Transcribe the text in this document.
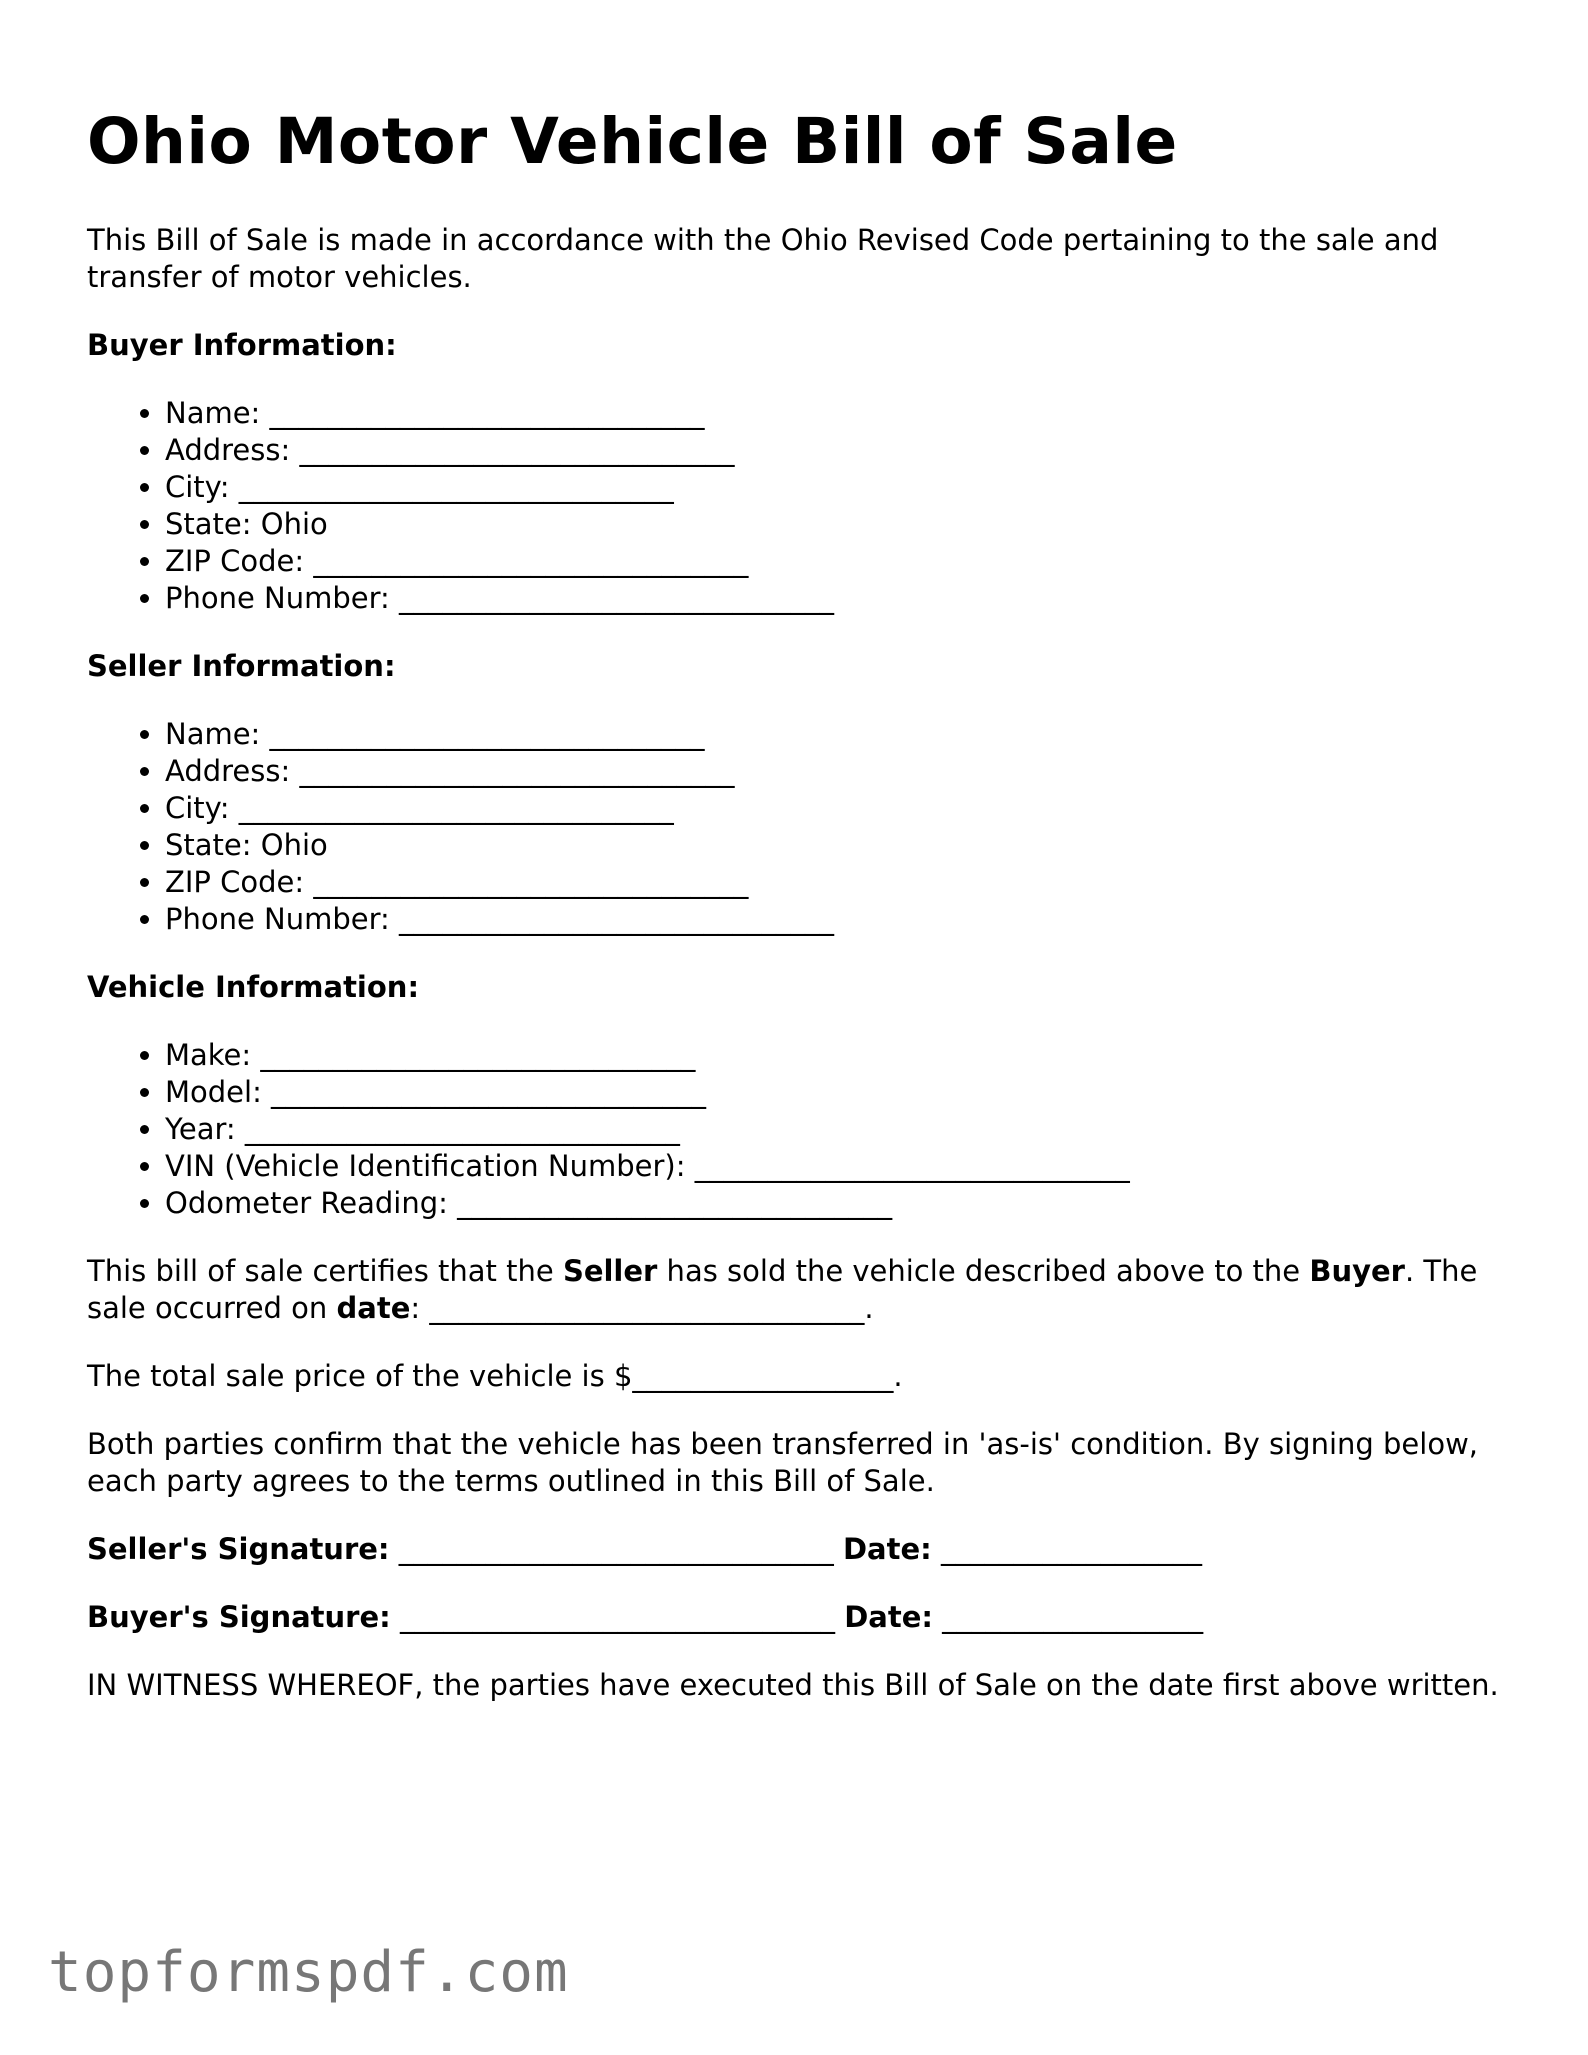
Ohio Motor Vehicle Bill of Sale

This Bill of Sale is made in accordance with the Ohio Revised Code pertaining to the sale and transfer of motor vehicles.

Buyer Information:
• Name: ______________________________
• Address: ______________________________
• City: ______________________________
• State: Ohio
• ZIP Code: ______________________________
• Phone Number: ______________________________
Seller Information:
• Name: ______________________________
• Address: ______________________________
• City: ______________________________
• State: Ohio
• ZIP Code: ______________________________
• Phone Number: ______________________________
Vehicle Information:
• Make: ______________________________
• Model: ______________________________
• Year: ______________________________
• VIN (Vehicle Identification Number): ______________________________
• Odometer Reading: ______________________________

This bill of sale certifies that the Seller has sold the vehicle described above to the Buyer. The sale occurred on date: ______________________________.

The total sale price of the vehicle is $__________________.

Both parties confirm that the vehicle has been transferred in 'as-is' condition. By signing below, each party agrees to the terms outlined in this Bill of Sale.

Seller's Signature: ______________________________ Date: __________________

Buyer's Signature: ______________________________ Date: __________________

IN WITNESS WHEREOF, the parties have executed this Bill of Sale on the date first above written.

topformspdf.com
